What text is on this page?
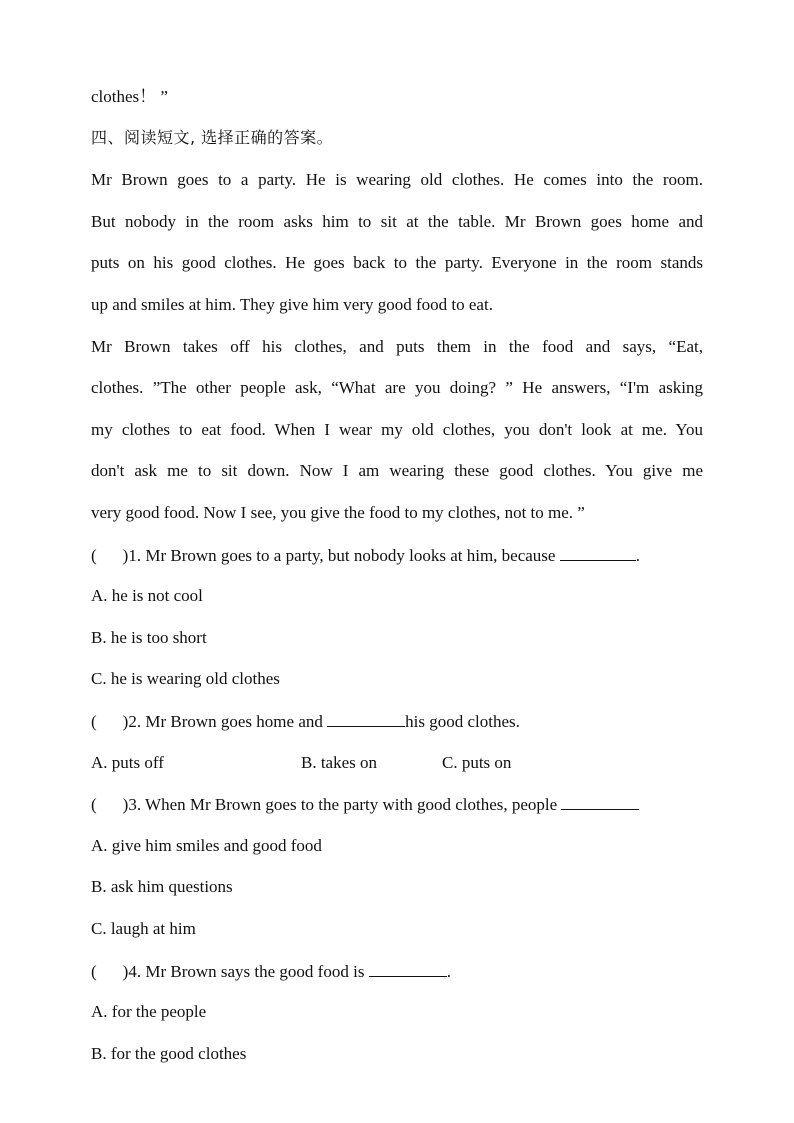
clothes！ ”
四、阅读短文, 选择正确的答案。
Mr Brown goes to a party. He is wearing old clothes. He comes into the room.
But nobody in the room asks him to sit at the table. Mr Brown goes home and
puts on his good clothes. He goes back to the party. Everyone in the room stands
up and smiles at him. They give him very good food to eat.
Mr Brown takes off his clothes, and puts them in the food and says, “Eat,
clothes. ”The other people ask, “What are you doing? ” He answers, “I'm asking
my clothes to eat food. When I wear my old clothes, you don't look at me. You
don't ask me to sit down. Now I am wearing these good clothes. You give me
very good food. Now I see, you give the food to my clothes, not to me. ”
( )1. Mr Brown goes to a party, but nobody looks at him, because	.
A. he is not cool
B. he is too short
C. he is wearing old clothes
( )2. Mr Brown goes home and	his good clothes.
A. puts off	B. takes on	C. puts on
( )3. When Mr Brown goes to the party with good clothes, people
A. give him smiles and good food
B. ask him questions
C. laugh at him
( )4. Mr Brown says the good food is	.
A. for the people
B. for the good clothes
